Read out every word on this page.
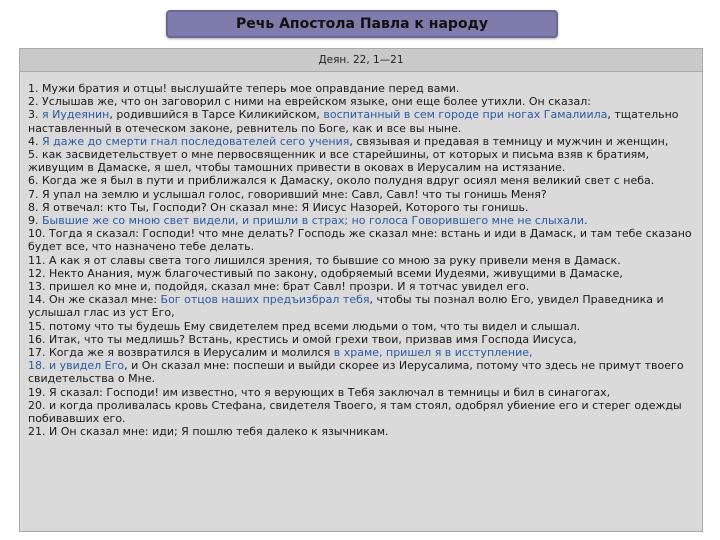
Речь Апостола Павла к народу
Деян. 22, 1—21

1. Мужи братия и отцы! выслушайте теперь мое оправдание перед вами.

2. Услышав же, что он заговорил с ними на еврейском языке, они еще более утихли. Он сказал:

3. я Иудеянин, родившийся в Тарсе Киликийском, воспитанный в сем городе при ногах Гамалиила, тщательно наставленный в отеческом законе, ревнитель по Боге, как и все вы ныне.

4. Я даже до смерти гнал последователей сего учения, связывая и предавая в темницу и мужчин и женщин,

5. как засвидетельствует о мне первосвященник и все старейшины, от которых и письма взяв к братиям, живущим в Дамаске, я шел, чтобы тамошних привести в оковах в Иерусалим на истязание.

6. Когда же я был в пути и приближался к Дамаску, около полудня вдруг осиял меня великий свет с неба.

7. Я упал на землю и услышал голос, говоривший мне: Савл, Савл! что ты гонишь Меня?

8. Я отвечал: кто Ты, Господи? Он сказал мне: Я Иисус Назорей, Которого ты гонишь.

9. Бывшие же со мною свет видели, и пришли в страх; но голоса Говорившего мне не слыхали.

10. Тогда я сказал: Господи! что мне делать? Господь же сказал мне: встань и иди в Дамаск, и там тебе сказано будет все, что назначено тебе делать.

11. А как я от славы света того лишился зрения, то бывшие со мною за руку привели меня в Дамаск.

12. Некто Анания, муж благочестивый по закону, одобряемый всеми Иудеями, живущими в Дамаске,

13. пришел ко мне и, подойдя, сказал мне: брат Савл! прозри. И я тотчас увидел его.

14. Он же сказал мне: Бог отцов наших предъизбрал тебя, чтобы ты познал волю Его, увидел Праведника и услышал глас из уст Его,

15. потому что ты будешь Ему свидетелем пред всеми людьми о том, что ты видел и слышал.

16. Итак, что ты медлишь? Встань, крестись и омой грехи твои, призвав имя Господа Иисуса,

17. Когда же я возвратился в Иерусалим и молился в храме, пришел я в исступление,

18. и увидел Его, и Он сказал мне: поспеши и выйди скорее из Иерусалима, потому что здесь не примут твоего свидетельства о Мне.

19. Я сказал: Господи! им известно, что я верующих в Тебя заключал в темницы и бил в синагогах,

20. и когда проливалась кровь Стефана, свидетеля Твоего, я там стоял, одобрял убиение его и стерег одежды побивавших его.

21. И Он сказал мне: иди; Я пошлю тебя далеко к язычникам.
